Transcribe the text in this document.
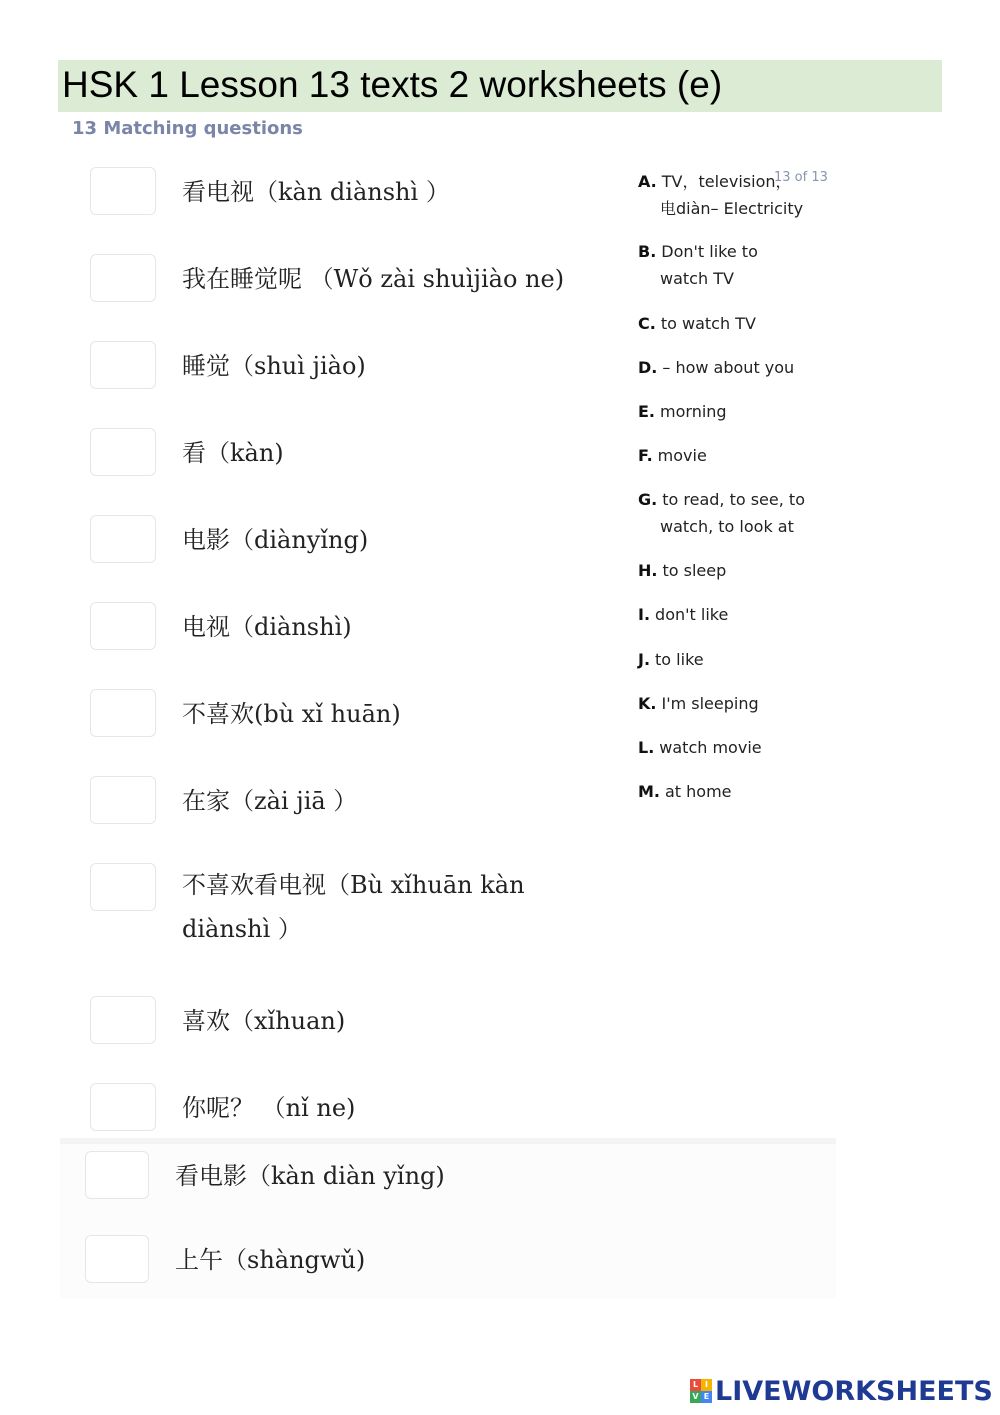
HSK 1 Lesson 13 texts 2 worksheets (e)
13 Matching questions
看电视（kàn diànshì ）
我在睡觉呢 （Wǒ zài shuìjiào ne)
睡觉（shuì jiào)
看（kàn)
电影（diànyǐng)
电视（diànshì)
不喜欢(bù xǐ huān)
在家（zài jiā ）
不喜欢看电视（Bù xǐhuān kàn diànshì ）
喜欢（xǐhuan)
你呢？ （nǐ ne)
看电影（kàn diàn yǐng)
上午（shàngwǔ)
A. TV，television，
电diàn– Electricity
13 of 13
B. Don't like to
watch TV
C. to watch TV
D. – how about you
E. morning
F. movie
G. to read, to see, to
watch, to look at
H. to sleep
I. don't like
J. to like
K. I'm sleeping
L. watch movie
M. at home
L I
V E LIVEWORKSHEETS
